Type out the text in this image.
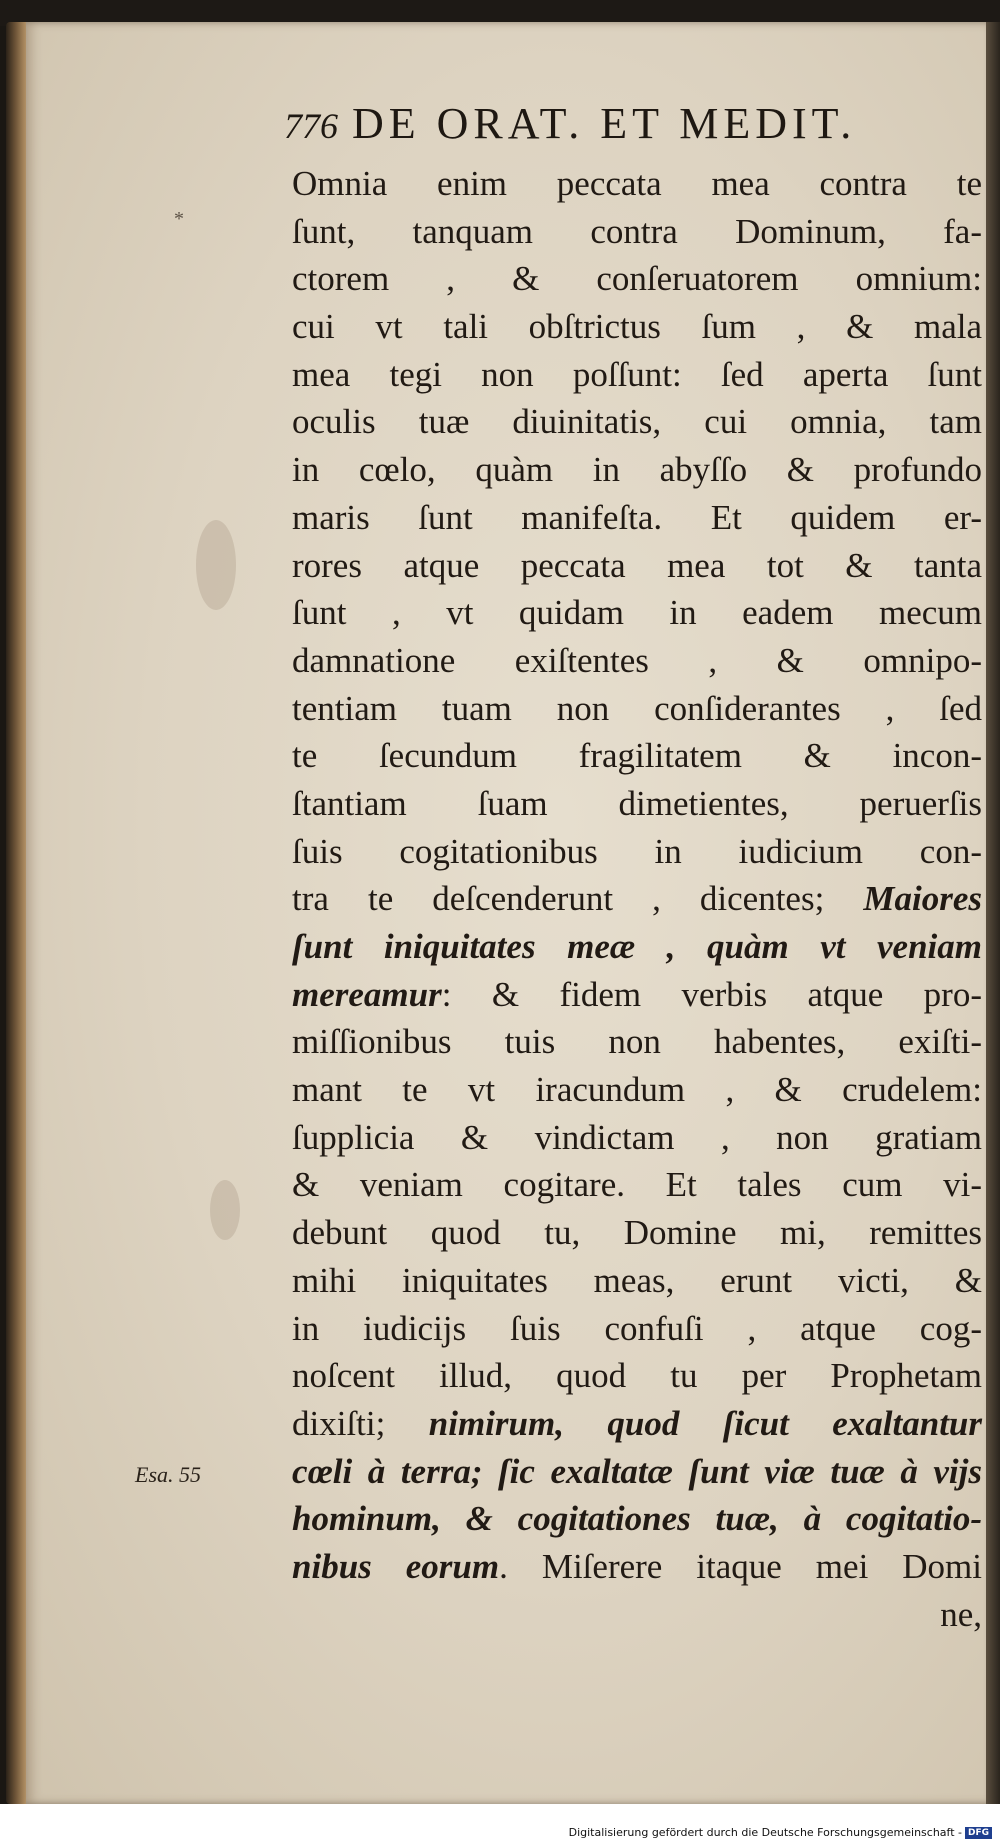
*
776 DE ORAT. ET MEDIT.
Omnia enim peccata mea contra te
ſunt, tanquam contra Dominum, fa-
ctorem , & conſeruatorem omnium:
cui vt tali obſtrictus ſum , & mala
mea tegi non poſſunt: ſed aperta ſunt
oculis tuæ diuinitatis, cui omnia, tam
in cœlo, quàm in abyſſo & profundo
maris ſunt manifeſta. Et quidem er-
rores atque peccata mea tot & tanta
ſunt , vt quidam in eadem mecum
damnatione exiſtentes , & omnipo-
tentiam tuam non conſiderantes , ſed
te ſecundum fragilitatem & incon-
ſtantiam ſuam dimetientes, peruerſis
ſuis cogitationibus in iudicium con-
tra te deſcenderunt , dicentes; Maiores
ſunt iniquitates meæ , quàm vt veniam
mereamur: & fidem verbis atque pro-
miſſionibus tuis non habentes, exiſti-
mant te vt iracundum , & crudelem:
ſupplicia & vindictam , non gratiam
& veniam cogitare. Et tales cum vi-
debunt quod tu, Domine mi, remittes
mihi iniquitates meas, erunt victi, &
in iudicijs ſuis confuſi , atque cog-
noſcent illud, quod tu per Prophetam
dixiſti; nimirum, quod ſicut exaltantur
cœli à terra; ſic exaltatæ ſunt viæ tuæ à vijs
hominum, & cogitationes tuæ, à cogitatio-
nibus eorum. Miſerere itaque mei Domi
ne,
Esa. 55
Digitalisierung gefördert durch die Deutsche Forschungsgemeinschaft - DFG
